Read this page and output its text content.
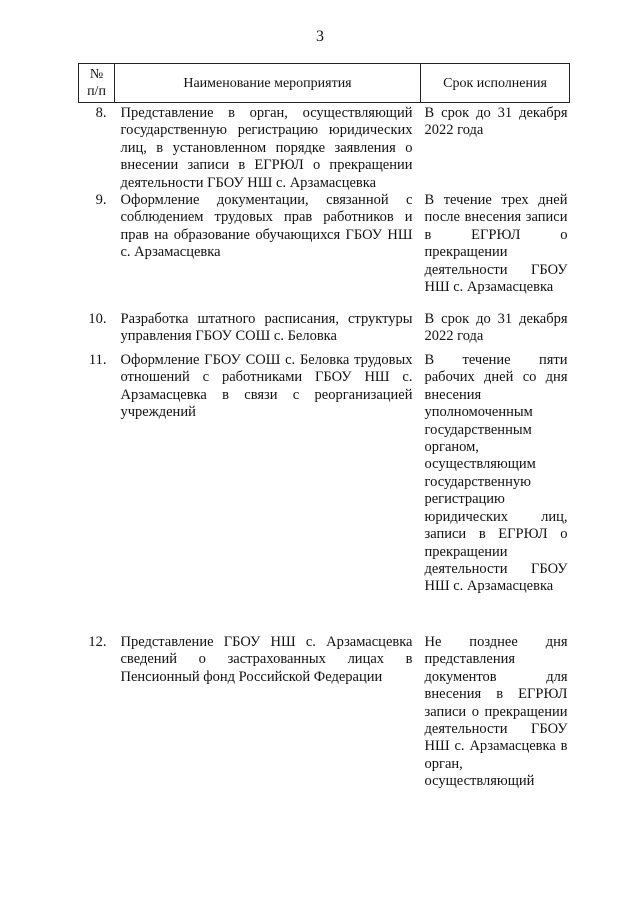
3
№ п/п	Наименование мероприятия	Срок исполнения
8.	Представление в орган, осуществляющий государственную регистрацию юридических лиц, в установленном порядке заявления о внесении записи в ЕГРЮЛ о прекращении деятельности ГБОУ НШ с. Арзамасцевка	В срок до 31 декабря 2022 года
9.	Оформление документации, связанной с соблюдением трудовых прав работников и прав на образование обучающихся ГБОУ НШ с. Арзамасцевка	В течение трех дней после внесения записи в ЕГРЮЛ о прекращении деятельности ГБОУ НШ с. Арзамасцевка
10.	Разработка штатного расписания, структуры управления ГБОУ СОШ с. Беловка	В срок до 31 декабря 2022 года
11.	Оформление ГБОУ СОШ с. Беловка трудовых отношений с работниками ГБОУ НШ с. Арзамасцевка в связи с реорганизацией учреждений	В течение пяти рабочих дней со дня внесения уполномоченным государственным органом, осуществляющим государственную регистрацию юридических лиц, записи в ЕГРЮЛ о прекращении деятельности ГБОУ НШ с. Арзамасцевка
12.	Представление ГБОУ НШ с. Арзамасцевка сведений о застрахованных лицах в Пенсионный фонд Российской Федерации	Не позднее дня представления документов для внесения в ЕГРЮЛ записи о прекращении деятельности ГБОУ НШ с. Арзамасцевка в орган, осуществляющий
